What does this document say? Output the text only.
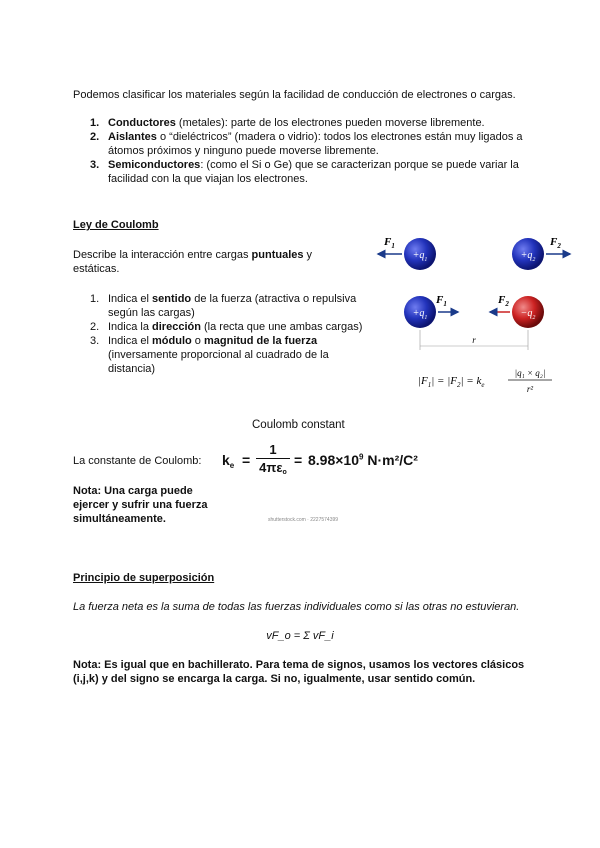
Podemos clasificar los materiales según la facilidad de conducción de electrones o cargas.
1. Conductores (metales): parte de los electrones pueden moverse libremente.
2. Aislantes o “dieléctricos” (madera o vidrio): todos los electrones están muy ligados a átomos próximos y ninguno puede moverse libremente.
3. Semiconductores: (como el Si o Ge) que se caracterizan porque se puede variar la facilidad con la que viajan los electrones.
Ley de Coulomb
Describe la interacción entre cargas puntuales y estáticas.
1. Indica el sentido de la fuerza (atractiva o repulsiva según las cargas)
2. Indica la dirección (la recta que une ambas cargas)
3. Indica el módulo o magnitud de la fuerza (inversamente proporcional al cuadrado de la distancia)
$+q_1$
$F_1$
$+q_2$
$F_2$
$+q_1$
$F_1$	$F_2$
$-q_2$
r
$|F_1| = |F_2| = k_e$
|q₁ × q₂|
r²
Coulomb constant
La constante de Coulomb: $k_e$ =
1
4πεo
= $8.98\times 10^9$ N·m²/C²
Nota: Una carga puede ejercer y sufrir una fuerza simultáneamente.	shutterstock.com · 2227574399
Principio de superposición
La fuerza neta es la suma de todas las fuerzas individuales como si las otras no estuvieran.
vF_o = Σ vF_i
Nota: Es igual que en bachillerato. Para tema de signos, usamos los vectores clásicos (i,j,k) y del signo se encarga la carga. Si no, igualmente, usar sentido común.
